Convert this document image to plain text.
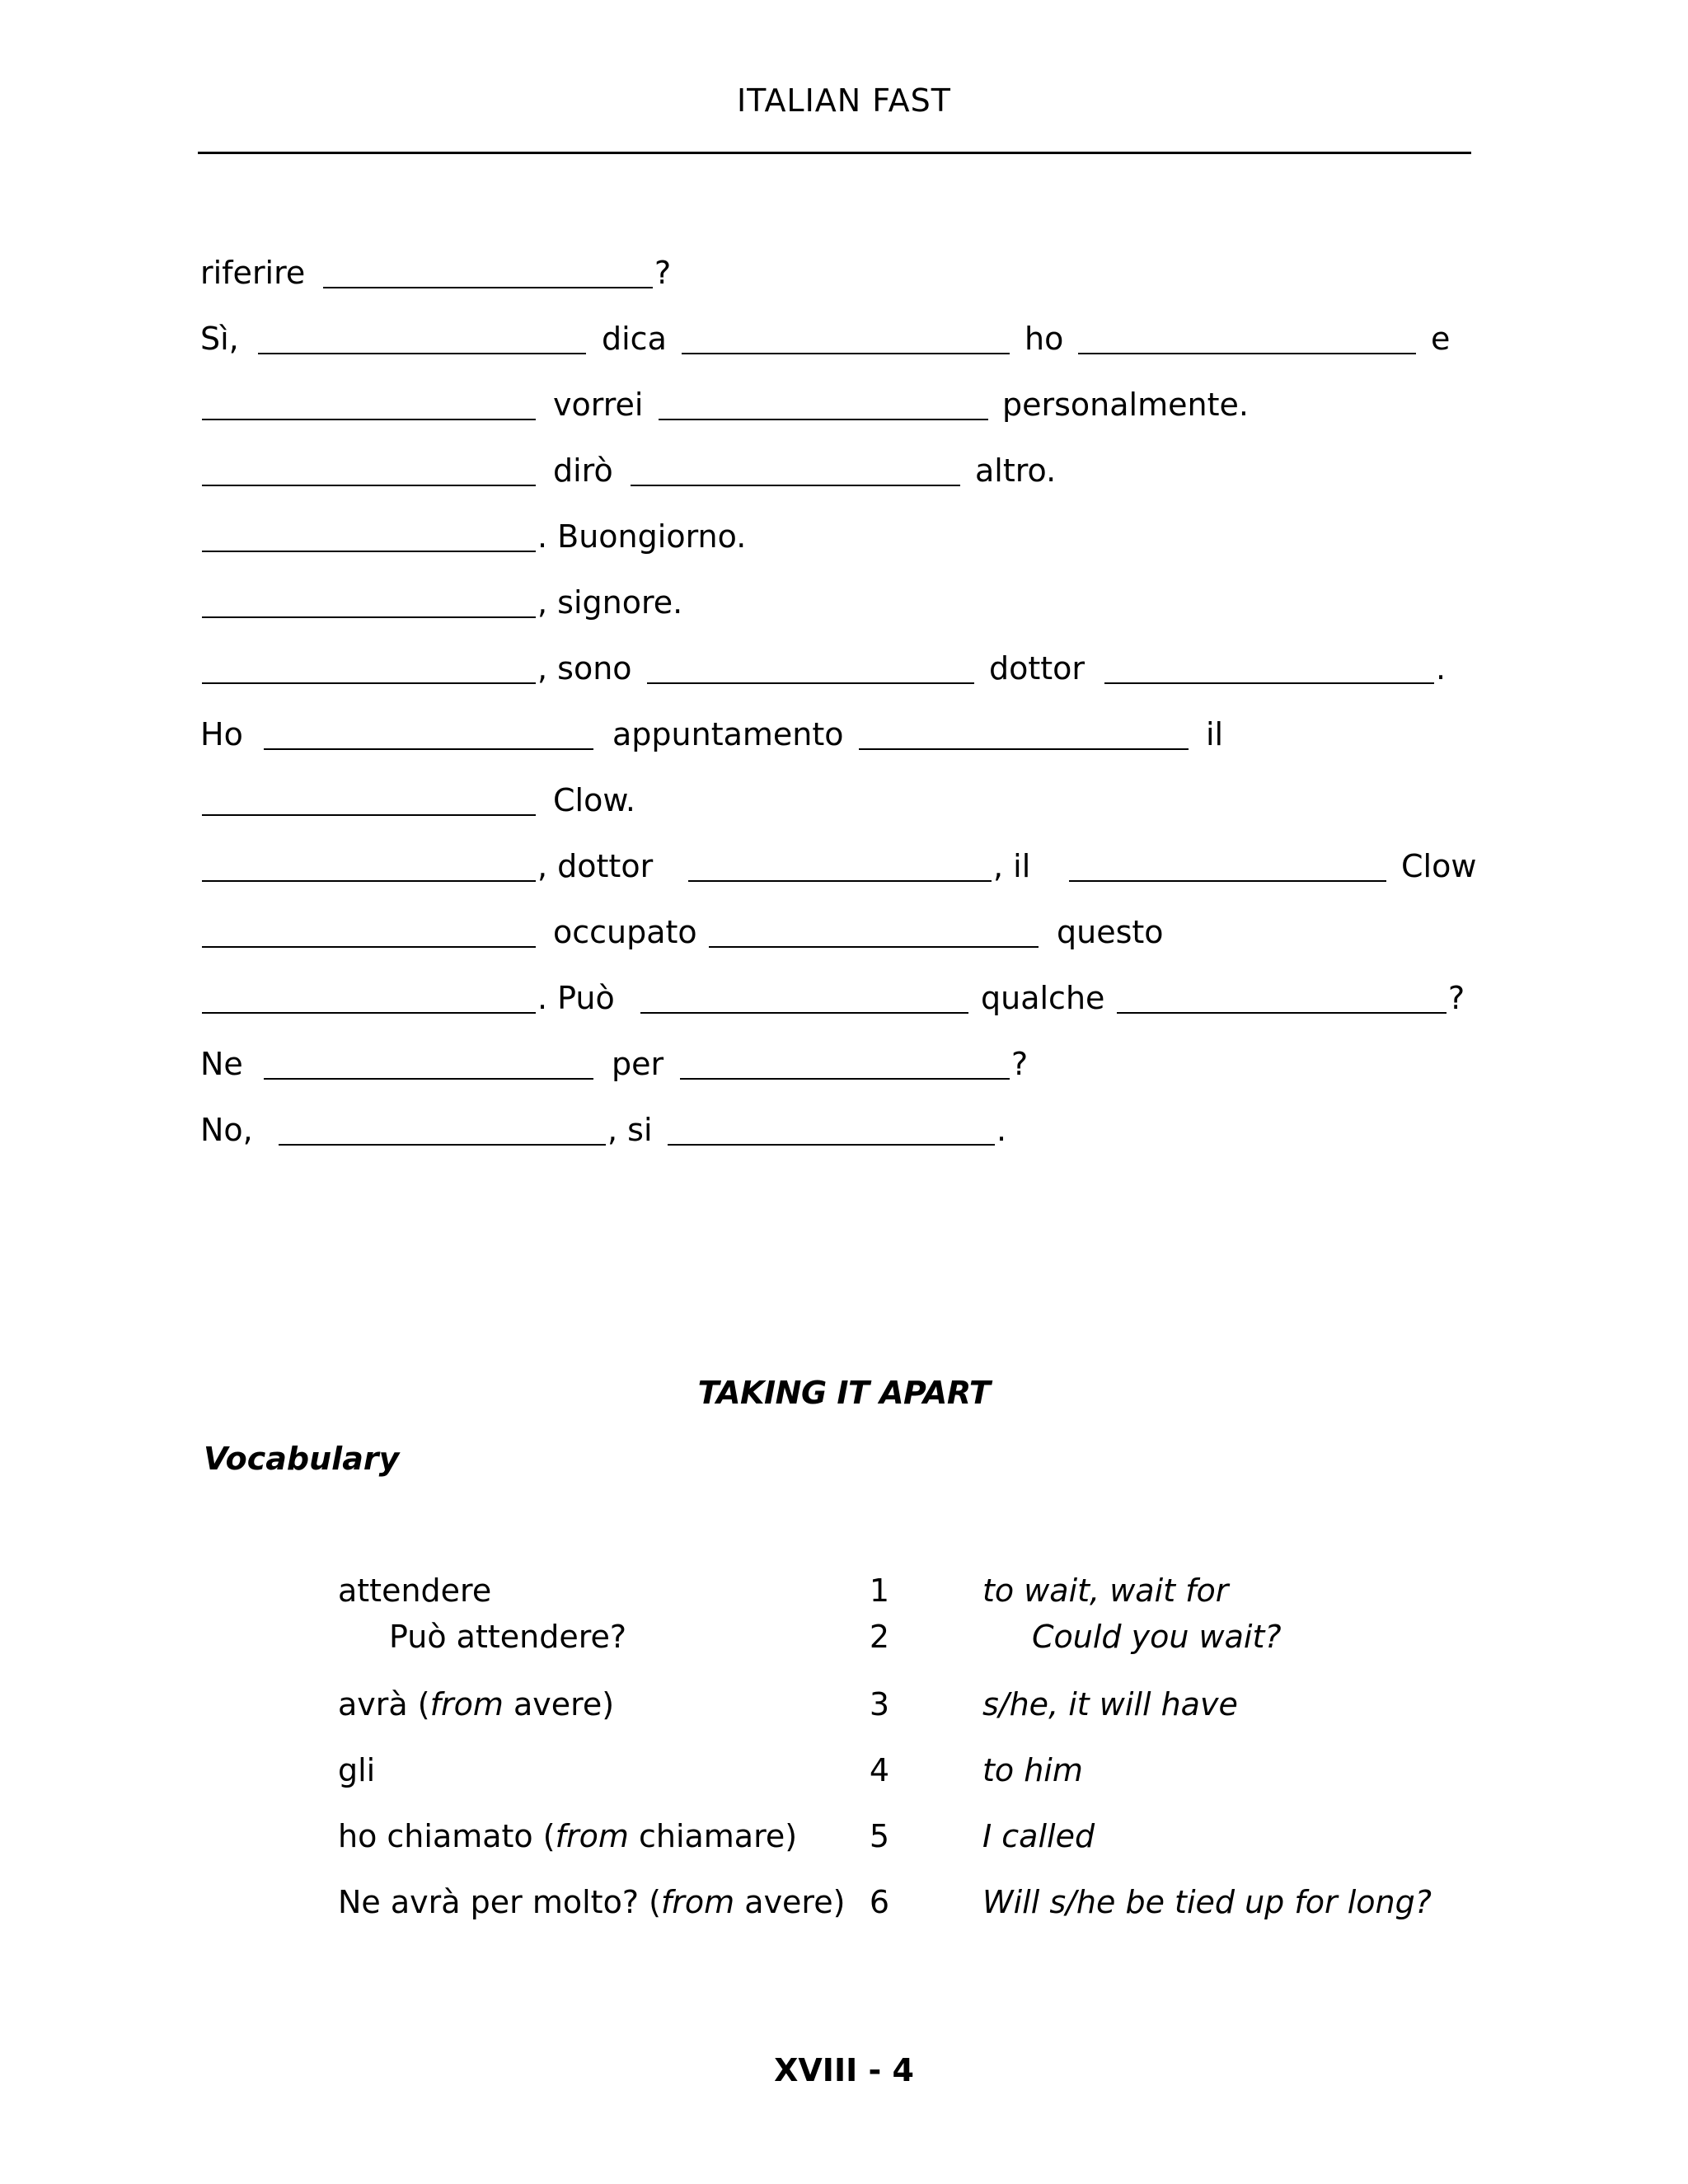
ITALIAN FAST
riferire	?
Sì,	dica	ho	e
vorrei	personalmente.
dirò	altro.
. Buongiorno.
, signore.
, sono	dottor	.
Ho	appuntamento	il
Clow.
, dottor	, il	Clow
occupato	questo
. Può	qualche	?
Ne	per	?
No,	, si	.
TAKING IT APART
Vocabulary
attendere	1	to wait, wait for
Può attendere?	2	Could you wait?
avrà (from avere)	3	s/he, it will have
gli	4	to him
ho chiamato (from chiamare) 5	I called
Ne avrà per molto? (from avere) 6	Will s/he be tied up for long?
XVIII - 4
